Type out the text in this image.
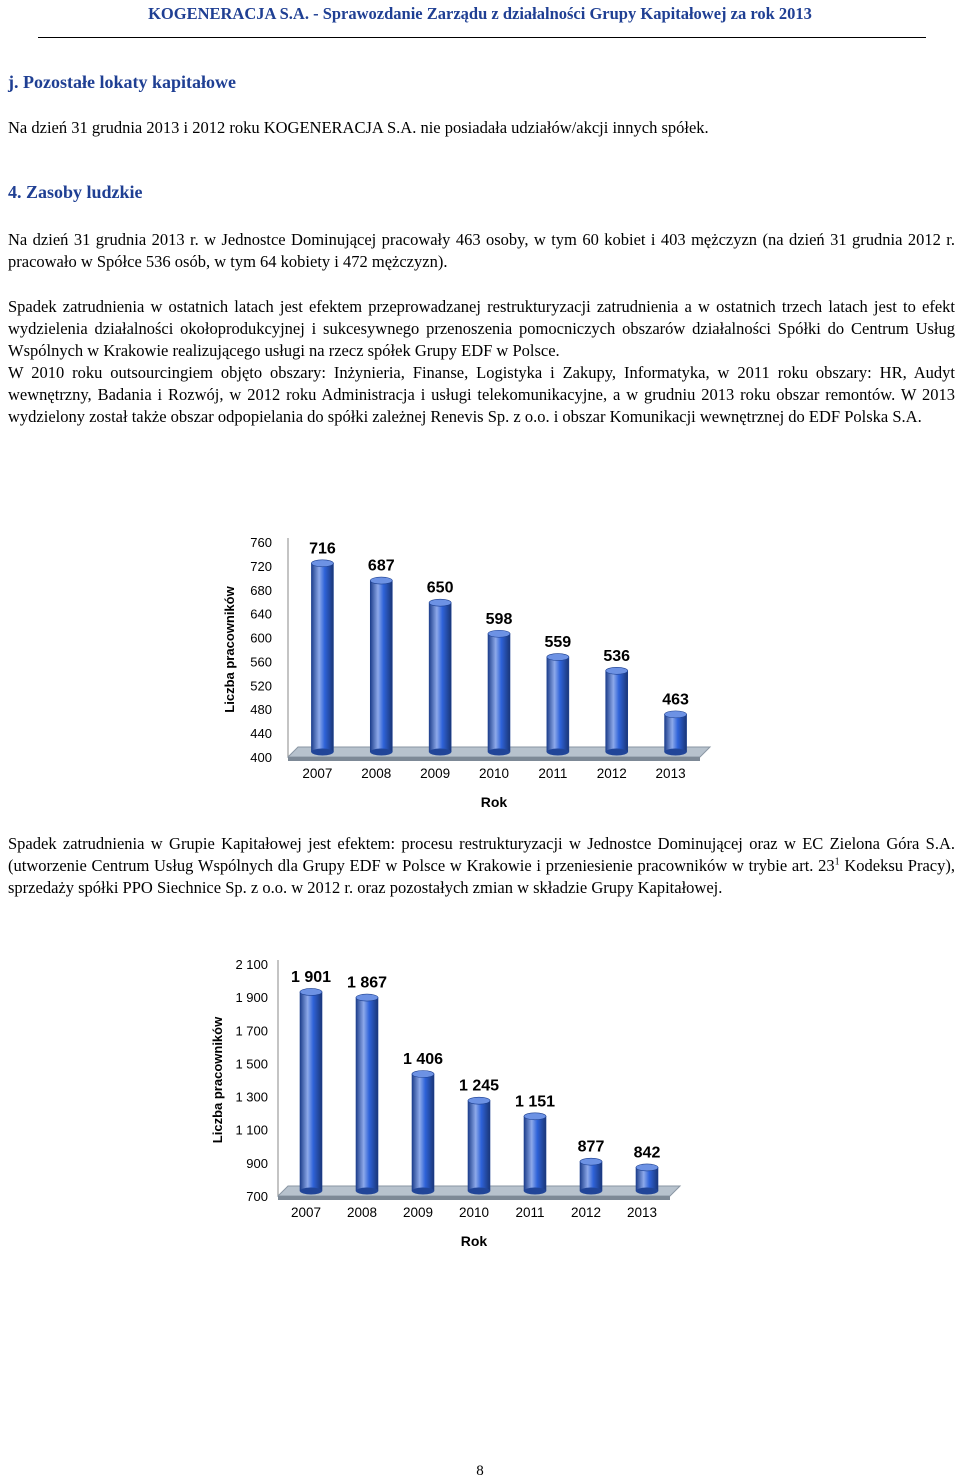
KOGENERACJA S.A. - Sprawozdanie Zarządu z działalności Grupy Kapitałowej za rok 2013
j. Pozostałe lokaty kapitałowe
Na dzień 31 grudnia 2013 i 2012 roku KOGENERACJA S.A. nie posiadała udziałów/akcji innych spółek.
4. Zasoby ludzkie
Na dzień 31 grudnia 2013 r. w Jednostce Dominującej pracowały 463 osoby, w tym 60 kobiet i 403 mężczyzn (na dzień 31 grudnia 2012 r. pracowało w Spółce 536 osób, w tym 64 kobiety i 472 mężczyzn).
Spadek zatrudnienia w ostatnich latach jest efektem przeprowadzanej restrukturyzacji zatrudnienia a w ostatnich trzech latach jest to efekt wydzielenia działalności okołoprodukcyjnej i sukcesywnego przenoszenia pomocniczych obszarów działalności Spółki do Centrum Usług Wspólnych w Krakowie realizującego usługi na rzecz spółek Grupy EDF w Polsce.
W 2010 roku outsourcingiem objęto obszary: Inżynieria, Finanse, Logistyka i Zakupy, Informatyka, w 2011 roku obszary: HR, Audyt wewnętrzny, Badania i Rozwój, w 2012 roku Administracja i usługi telekomunikacyjne, a w grudniu 2013 roku obszar remontów. W 2013 wydzielony został także obszar odpopielania do spółki zależnej Renevis Sp. z o.o. i obszar Komunikacji wewnętrznej do EDF Polska S.A.
Liczba pracowników
760
720
680
640
600
560
520
480
440
400
716
2007
687
2008
650
2009
598
2010
559
2011
536
2012
463
2013
Rok
Spadek zatrudnienia w Grupie Kapitałowej jest efektem: procesu restrukturyzacji w Jednostce Dominującej oraz w EC Zielona Góra S.A. (utworzenie Centrum Usług Wspólnych dla Grupy EDF w Polsce w Krakowie i przeniesienie pracowników w trybie art. $23^1$ Kodeksu Pracy), sprzedaży spółki PPO Siechnice Sp. z o.o. w 2012 r. oraz pozostałych zmian w składzie Grupy Kapitałowej.
Liczba pracowników
2 100
1 900
1 700
1 500
1 300
1 100
900
700
1 901
2007
1 867
2008
1 406
2009
1 245
2010
1 151
2011
877
2012
842
2013
Rok
8
